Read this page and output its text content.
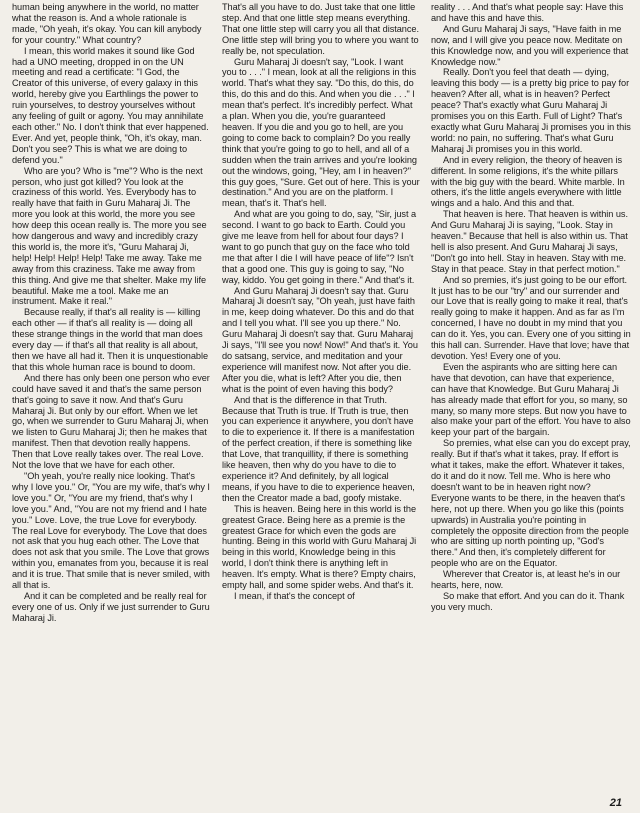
human being anywhere in the world, no matter what the reason is. And a whole rationale is made, "Oh yeah, it's okay. You can kill anybody for your country." What country?

I mean, this world makes it sound like God had a UNO meeting, dropped in on the UN meeting and read a certificate: "I God, the Creator of this universe, of every galaxy in this world, hereby give you Earthlings the power to ruin yourselves, to destroy yourselves without any feeling of guilt or agony. You may annihilate each other." No. I don't think that ever happened. Ever. And yet, people think, "Oh, it's okay, man. Don't you see? This is what we are doing to defend you."

Who are you? Who is "me"? Who is the next person, who just got killed? You look at the craziness of this world. Yes. Everybody has to really have that faith in Guru Maharaj Ji. The more you look at this world, the more you see how deep this ocean really is. The more you see how dangerous and wavy and incredibly crazy this world is, the more it's, "Guru Maharaj Ji, help! Help! Help! Help! Take me away. Take me away from this craziness. Take me away from this thing. And give me that shelter. Make my life beautiful. Make me a tool. Make me an instrument. Make it real."

Because really, if that's all reality is — killing each other — if that's all reality is — doing all these strange things in the world that man does every day — if that's all that reality is all about, then we have all had it. Then it is unquestionable that this whole human race is bound to doom.

And there has only been one person who ever could have saved it and that's the same person that's going to save it now. And that's Guru Maharaj Ji. But only by our effort. When we let go, when we surrender to Guru Maharaj Ji, when we listen to Guru Maharaj Ji; then he makes that manifest. Then that devotion really happens. Then that Love really takes over. The real Love. Not the love that we have for each other.

"Oh yeah, you're really nice looking. That's why I love you." Or, "You are my wife, that's why I love you." Or, "You are my friend, that's why I love you." And, "You are not my friend and I hate you." Love. Love, the true Love for everybody. The real Love for everybody. The Love that does not ask that you hug each other. The Love that does not ask that you smile. The Love that grows within you, emanates from you, because it is real and it is true. That smile that is never smiled, with all that is.

And it can be completed and be really real for every one of us. Only if we just surrender to Guru Maharaj Ji.

That's all you have to do. Just take that one little step. And that one little step means everything. That one little step will carry you all that distance. One little step will bring you to where you want to really be, not speculation.

Guru Maharaj Ji doesn't say, "Look. I want you to . . ." I mean, look at all the religions in this world. That's what they say. "Do this, do this, do this, do this and do this. And when you die . . ." I mean that's perfect. It's incredibly perfect. What a plan. When you die, you're guaranteed heaven. If you die and you go to hell, are you going to come back to complain? Do you really think that you're going to go to hell, and all of a sudden when the train arrives and you're looking out the windows, going, "Hey, am I in heaven?" this guy goes, "Sure. Get out of here. This is your destination." And you are on the platform. I mean, that's it. That's hell.

And what are you going to do, say, "Sir, just a second. I want to go back to Earth. Could you give me leave from hell for about four days? I want to go punch that guy on the face who told me that after I die I will have peace of life"? Isn't that a good one. This guy is going to say, "No way, kiddo. You get going in there." And that's it.

And Guru Maharaj Ji doesn't say that. Guru Maharaj Ji doesn't say, "Oh yeah, just have faith in me, keep doing whatever. Do this and do that and I tell you what. I'll see you up there." No. Guru Maharaj Ji doesn't say that. Guru Maharaj Ji says, "I'll see you now! Now!" And that's it. You do satsang, service, and meditation and your experience will manifest now. Not after you die. After you die, what is left? After you die, then what is the point of even having this body?

And that is the difference in that Truth. Because that Truth is true. If Truth is true, then you can experience it anywhere, you don't have to die to experience it. If there is a manifestation of the perfect creation, if there is something like that Love, that tranquillity, if there is something like heaven, then why do you have to die to experience it? And definitely, by all logical means, if you have to die to experience heaven, then the Creator made a bad, goofy mistake.

This is heaven. Being here in this world is the greatest Grace. Being here as a premie is the greatest Grace for which even the gods are hunting. Being in this world with Guru Maharaj Ji being in this world, Knowledge being in this world, I don't think there is anything left in heaven. It's empty. What is there? Empty chairs, empty hall, and some spider webs. And that's it.

I mean, if that's the concept of

reality . . . And that's what people say: Have this and have this and have this.

And Guru Maharaj Ji says, "Have faith in me now, and I will give you peace now. Meditate on this Knowledge now, and you will experience that Knowledge now."

Really. Don't you feel that death — dying, leaving this body — is a pretty big price to pay for heaven? After all, what is in heaven? Perfect peace? That's exactly what Guru Maharaj Ji promises you on this Earth. Full of Light? That's exactly what Guru Maharaj Ji promises you in this world: no pain, no suffering. That's what Guru Maharaj Ji promises you in this world.

And in every religion, the theory of heaven is different. In some religions, it's the white pillars with the big guy with the beard. White marble. In others, it's the little angels everywhere with little wings and a halo. And this and that.

That heaven is here. That heaven is within us. And Guru Maharaj Ji is saying, "Look. Stay in heaven." Because that hell is also within us. That hell is also present. And Guru Maharaj Ji says, "Don't go into hell. Stay in heaven. Stay with me. Stay in that peace. Stay in that perfect motion."

And so premies, it's just going to be our effort. It just has to be our "try" and our surrender and our Love that is really going to make it real, that's really going to make it happen. And as far as I'm concerned, I have no doubt in my mind that you can do it. Yes, you can. Every one of you sitting in this hall can. Surrender. Have that love; have that devotion. Yes! Every one of you.

Even the aspirants who are sitting here can have that devotion, can have that experience, can have that Knowledge. But Guru Maharaj Ji has already made that effort for you, so many, so many, so many more steps. But now you have to also make your part of the effort. You have to also keep your part of the bargain.

So premies, what else can you do except pray, really. But if that's what it takes, pray. If effort is what it takes, make the effort. Whatever it takes, do it and do it now. Tell me. Who is here who doesn't want to be in heaven right now? Everyone wants to be there, in the heaven that's here, not up there. When you go like this (points upwards) in Australia you're pointing in completely the opposite direction from the people who are sitting up north pointing up, "God's there." And then, it's completely different for people who are on the Equator.

Wherever that Creator is, at least he's in our hearts, here, now.

So make that effort. And you can do it. Thank you very much.

21
